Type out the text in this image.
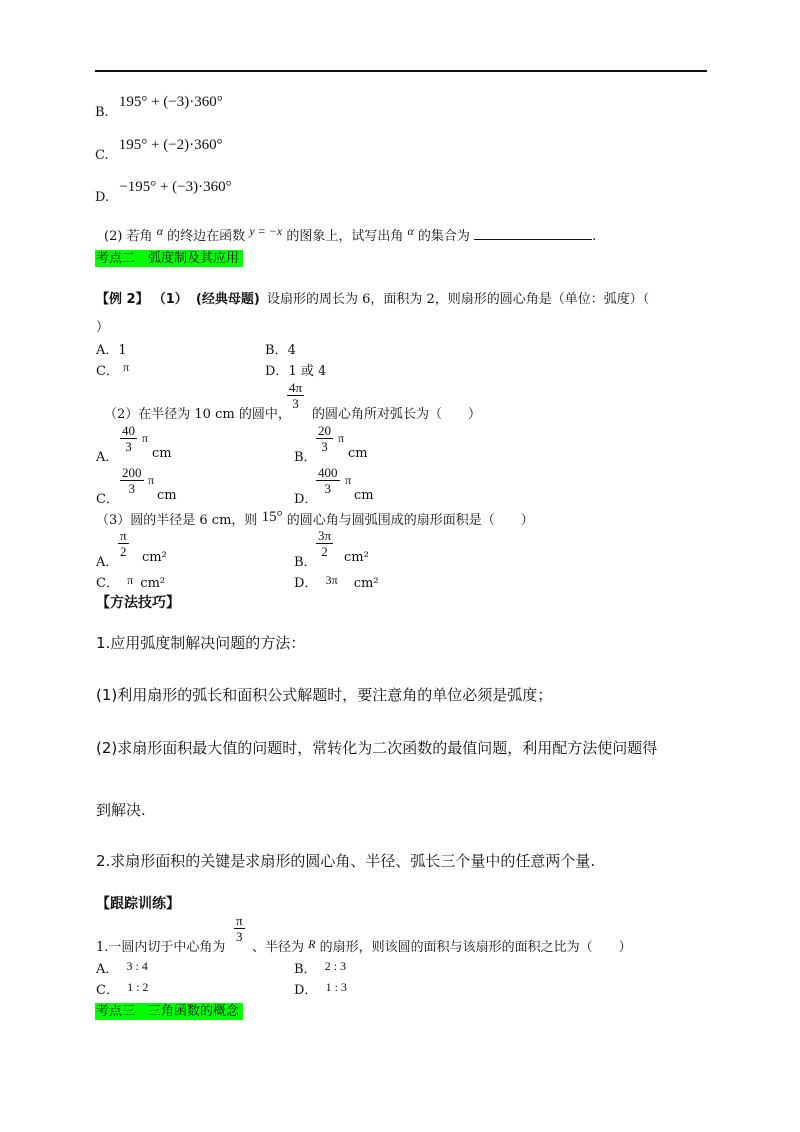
B. 195° + (−3)·360°
C. 195° + (−2)·360°
D. −195° + (−3)·360°
(2) 若角 α 的终边在函数 y = −x 的图象上，试写出角 α 的集合为	.
考点二　弧度制及其应用
【例 2】 （1） (经典母题) 设扇形的周长为 6，面积为 2，则扇形的圆心角是（单位：弧度）（
）
A．1	B．4
C． π	D．1 或 4
（2）在半径为 10 cm 的圆中，
$\frac{4\pi}{3}$
的圆心角所对弧长为（　　）
A．
$\frac{40}{3}$ π
cm	B．
$\frac{20}{3}$ π
cm
C．
$\frac{200}{3}$ π
cm	D．
$\frac{400}{3}$ π
cm
（3）圆的半径是 6 cm，则 15° 的圆心角与圆弧围成的扇形面积是（　　）
A．
$\frac{\pi}{2} cm^2$	B．
$\frac{3\pi}{2} cm^2$
C． π cm²	D． 3π cm²
【方法技巧】
1.应用弧度制解决问题的方法：
(1)利用扇形的弧长和面积公式解题时，要注意角的单位必须是弧度；
(2)求扇形面积最大值的问题时，常转化为二次函数的最值问题，利用配方法使问题得
到解决.
2.求扇形面积的关键是求扇形的圆心角、半径、弧长三个量中的任意两个量.
【跟踪训练】
1.一圆内切于中心角为
$\frac{\pi}{3}$
、半径为 R 的扇形，则该圆的面积与该扇形的面积之比为（　　）
A． 3 : 4	B． 2 : 3
C． 1 : 2	D． 1 : 3
考点三　三角函数的概念
